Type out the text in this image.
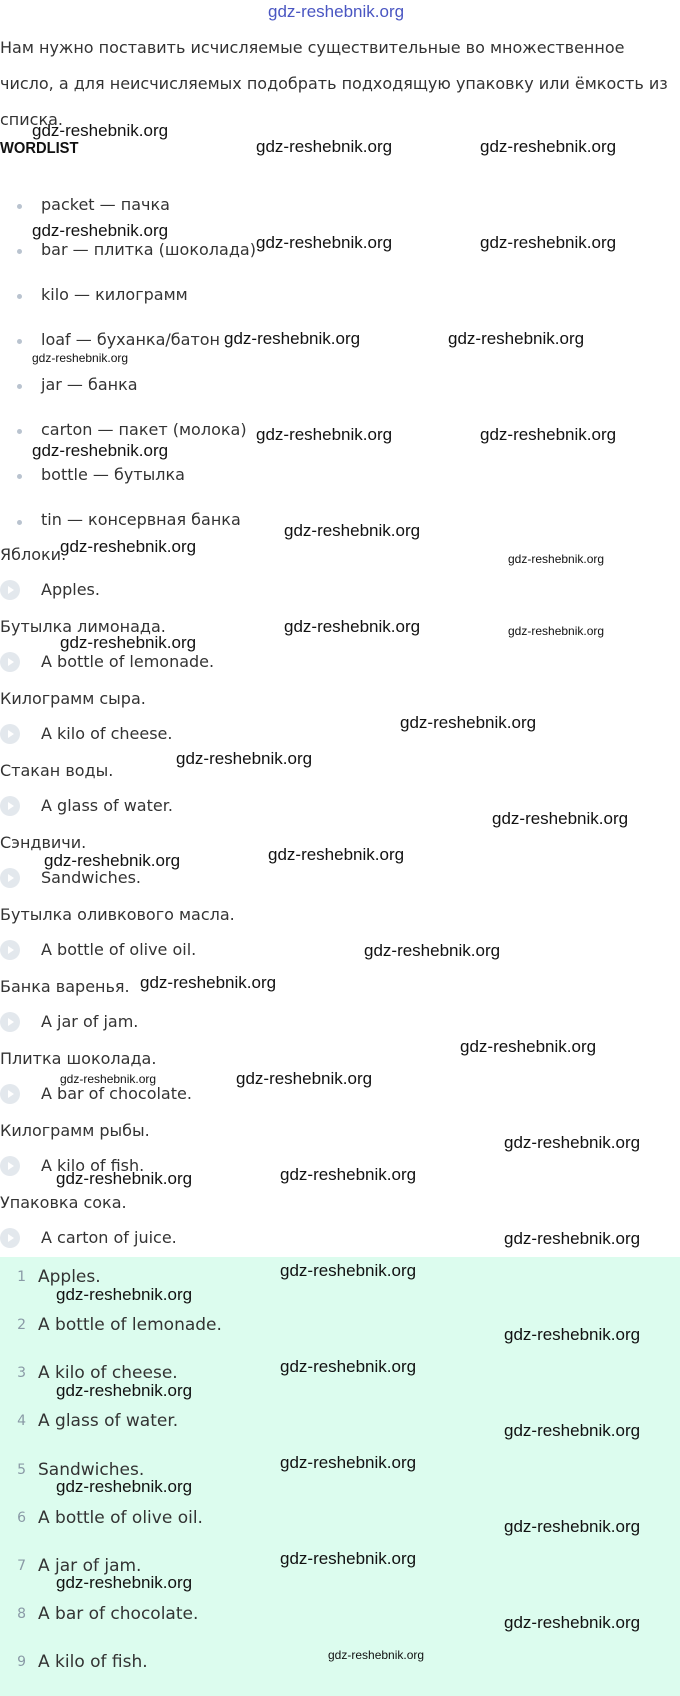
gdz-reshebnik.org
Нам нужно поставить исчисляемые существительные во множественное число, а для неисчисляемых подобрать подходящую упаковку или ёмкость из списка.
WORDLIST
packet — пачка
bar — плитка (шоколада)
kilo — килограмм
loaf — буханка/батон
jar — банка
carton — пакет (молока)
bottle — бутылка
tin — консервная банка
Яблоки.
Apples.
Бутылка лимонада.
A bottle of lemonade.
Килограмм сыра.
A kilo of cheese.
Стакан воды.
A glass of water.
Сэндвичи.
Sandwiches.
Бутылка оливкового масла.
A bottle of olive oil.
Банка варенья.
A jar of jam.
Плитка шоколада.
A bar of chocolate.
Килограмм рыбы.
A kilo of fish.
Упаковка сока.
A carton of juice.
1 Apples.
2 A bottle of lemonade.
3 A kilo of cheese.
4 A glass of water.
5 Sandwiches.
6 A bottle of olive oil.
7 A jar of jam.
8 A bar of chocolate.
9 A kilo of fish.
gdz-reshebnik.org
gdz-reshebnik.org	gdz-reshebnik.org
gdz-reshebnik.org
gdz-reshebnik.org	gdz-reshebnik.org
gdz-reshebnik.org	gdz-reshebnik.org
gdz-reshebnik.org
gdz-reshebnik.org
gdz-reshebnik.org	gdz-reshebnik.org
gdz-reshebnik.org
gdz-reshebnik.org
gdz-reshebnik.org
gdz-reshebnik.org	gdz-reshebnik.org
gdz-reshebnik.org
gdz-reshebnik.org
gdz-reshebnik.org
gdz-reshebnik.org
gdz-reshebnik.org
gdz-reshebnik.org
gdz-reshebnik.org
gdz-reshebnik.org
gdz-reshebnik.org
gdz-reshebnik.org	gdz-reshebnik.org
gdz-reshebnik.org
gdz-reshebnik.org	gdz-reshebnik.org
gdz-reshebnik.org
gdz-reshebnik.org
gdz-reshebnik.org
gdz-reshebnik.org
gdz-reshebnik.org
gdz-reshebnik.org
gdz-reshebnik.org
gdz-reshebnik.org
gdz-reshebnik.org
gdz-reshebnik.org
gdz-reshebnik.org
gdz-reshebnik.org
gdz-reshebnik.org
gdz-reshebnik.org
